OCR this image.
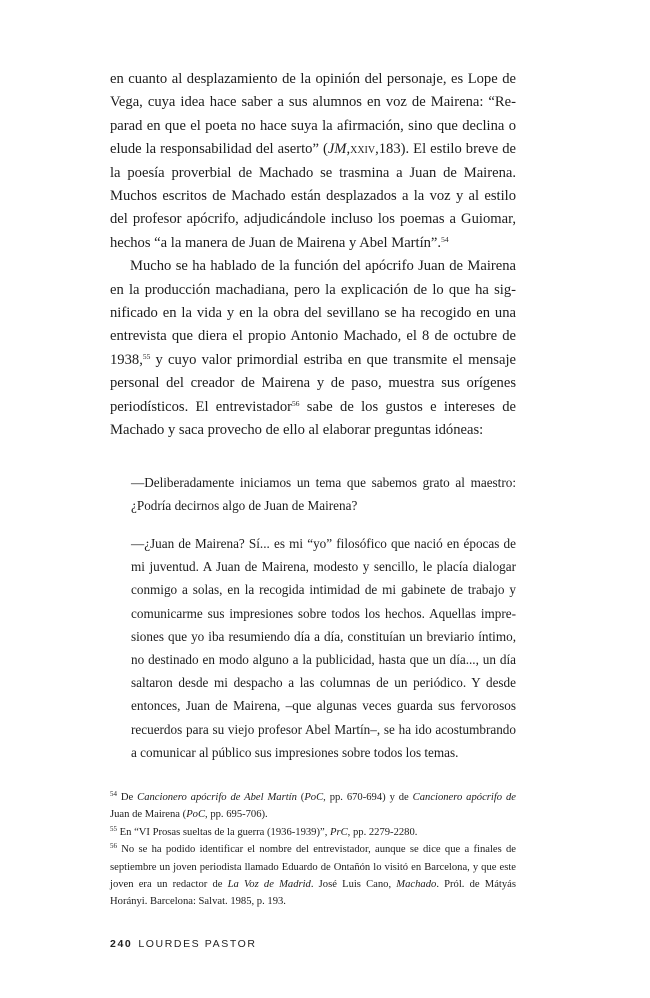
en cuanto al desplazamiento de la opinión del personaje, es Lope de Vega, cuya idea hace saber a sus alumnos en voz de Mairena: “Reparad en que el poeta no hace suya la afirmación, sino que declina o elude la responsabilidad del aserto” (JM,xxiv,183). El estilo breve de la poesía proverbial de Machado se trasmina a Juan de Mairena. Muchos escritos de Machado están desplazados a la voz y al estilo del profesor apócrifo, adjudicándole incluso los poemas a Guiomar, hechos “a la manera de Juan de Mairena y Abel Martín”.$^{54}$

Mucho se ha hablado de la función del apócrifo Juan de Mairena en la producción machadiana, pero la explicación de lo que ha significado en la vida y en la obra del sevillano se ha recogido en una entrevista que diera el propio Antonio Machado, el 8 de octubre de 1938,55 y cuyo valor primordial estriba en que transmite el mensaje personal del creador de Mairena y de paso, muestra sus orígenes periodísticos. El entrevistador$^{56}$ sabe de los gustos e intereses de Machado y saca provecho de ello al elaborar preguntas idóneas:

—Deliberadamente iniciamos un tema que sabemos grato al maestro: ¿Podría decirnos algo de Juan de Mairena?

—¿Juan de Mairena? Sí... es mi “yo” filosófico que nació en épocas de mi juventud. A Juan de Mairena, modesto y sencillo, le placía dialogar conmigo a solas, en la recogida intimidad de mi gabinete de trabajo y comunicarme sus impresiones sobre todos los hechos. Aquellas impresiones que yo iba resumiendo día a día, constituían un breviario íntimo, no destinado en modo alguno a la publicidad, hasta que un día..., un día saltaron desde mi despacho a las columnas de un periódico. Y desde entonces, Juan de Mairena, –que algunas veces guarda sus fervorosos recuerdos para su viejo profesor Abel Martín–, se ha ido acostumbrando a comunicar al público sus impresiones sobre todos los temas.

$^{54}$ De Cancionero apócrifo de Abel Martín (PoC, pp. 670-694) y de Cancionero apócrifo de Juan de Mairena (PoC, pp. 695-706).

$^{55}$ En “VI Prosas sueltas de la guerra (1936-1939)”, PrC, pp. 2279-2280.

$^{56}$ No se ha podido identificar el nombre del entrevistador, aunque se dice que a finales de septiembre un joven periodista llamado Eduardo de Ontañón lo visitó en Barcelona, y que este joven era un redactor de La Voz de Madrid. José Luis Cano, Machado. Pról. de Mátyás Horányi. Barcelona: Salvat. 1985, p. 193.

240 LOURDES PASTOR
